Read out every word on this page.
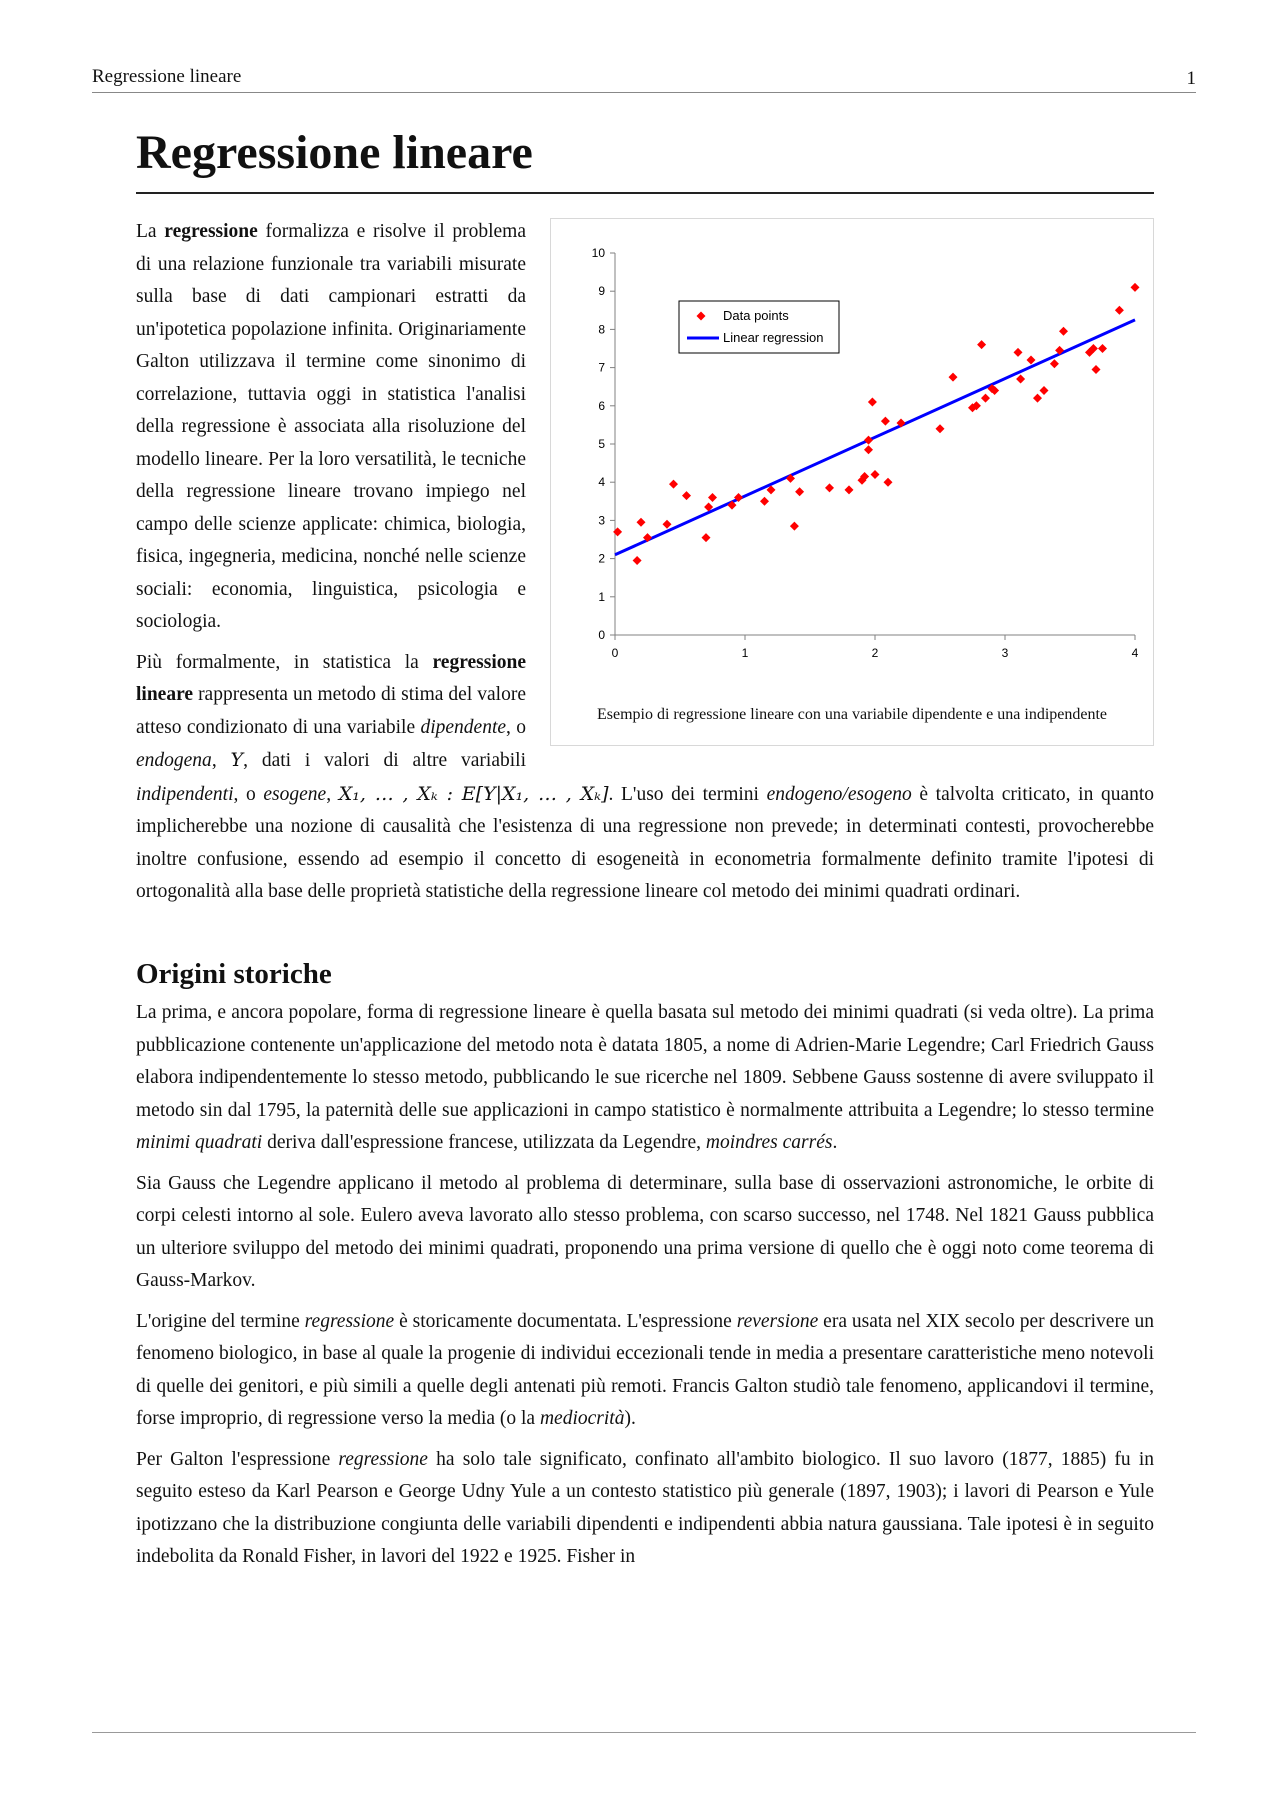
Regressione lineare	1
Regressione lineare
0
1
2
3
4
5
6
7
8
9
10
0	1	2	3	4
Data points
Linear regression
Esempio di regressione lineare con una variabile dipendente e una indipendente

La regressione formalizza e risolve il problema di una relazione funzionale tra variabili misurate sulla base di dati campionari estratti da un'ipotetica popolazione infinita. Originariamente Galton utilizzava il termine come sinonimo di correlazione, tuttavia oggi in statistica l'analisi della regressione è associata alla risoluzione del modello lineare. Per la loro versatilità, le tecniche della regressione lineare trovano impiego nel campo delle scienze applicate: chimica, biologia, fisica, ingegneria, medicina, nonché nelle scienze sociali: economia, linguistica, psicologia e sociologia.

Più formalmente, in statistica la regressione lineare rappresenta un metodo di stima del valore atteso condizionato di una variabile dipendente, o endogena, Y, dati i valori di altre variabili indipendenti, o esogene, X₁, … , Xₖ : E[Y|X₁, … , Xₖ]. L'uso dei termini endogeno/esogeno è talvolta criticato, in quanto implicherebbe una nozione di causalità che l'esistenza di una regressione non prevede; in determinati contesti, provocherebbe inoltre confusione, essendo ad esempio il concetto di esogeneità in econometria formalmente definito tramite l'ipotesi di ortogonalità alla base delle proprietà statistiche della regressione lineare col metodo dei minimi quadrati ordinari.

Origini storiche

La prima, e ancora popolare, forma di regressione lineare è quella basata sul metodo dei minimi quadrati (si veda oltre). La prima pubblicazione contenente un'applicazione del metodo nota è datata 1805, a nome di Adrien-Marie Legendre; Carl Friedrich Gauss elabora indipendentemente lo stesso metodo, pubblicando le sue ricerche nel 1809. Sebbene Gauss sostenne di avere sviluppato il metodo sin dal 1795, la paternità delle sue applicazioni in campo statistico è normalmente attribuita a Legendre; lo stesso termine minimi quadrati deriva dall'espressione francese, utilizzata da Legendre, moindres carrés.

Sia Gauss che Legendre applicano il metodo al problema di determinare, sulla base di osservazioni astronomiche, le orbite di corpi celesti intorno al sole. Eulero aveva lavorato allo stesso problema, con scarso successo, nel 1748. Nel 1821 Gauss pubblica un ulteriore sviluppo del metodo dei minimi quadrati, proponendo una prima versione di quello che è oggi noto come teorema di Gauss-Markov.

L'origine del termine regressione è storicamente documentata. L'espressione reversione era usata nel XIX secolo per descrivere un fenomeno biologico, in base al quale la progenie di individui eccezionali tende in media a presentare caratteristiche meno notevoli di quelle dei genitori, e più simili a quelle degli antenati più remoti. Francis Galton studiò tale fenomeno, applicandovi il termine, forse improprio, di regressione verso la media (o la mediocrità).

Per Galton l'espressione regressione ha solo tale significato, confinato all'ambito biologico. Il suo lavoro (1877, 1885) fu in seguito esteso da Karl Pearson e George Udny Yule a un contesto statistico più generale (1897, 1903); i lavori di Pearson e Yule ipotizzano che la distribuzione congiunta delle variabili dipendenti e indipendenti abbia natura gaussiana. Tale ipotesi è in seguito indebolita da Ronald Fisher, in lavori del 1922 e 1925. Fisher in
